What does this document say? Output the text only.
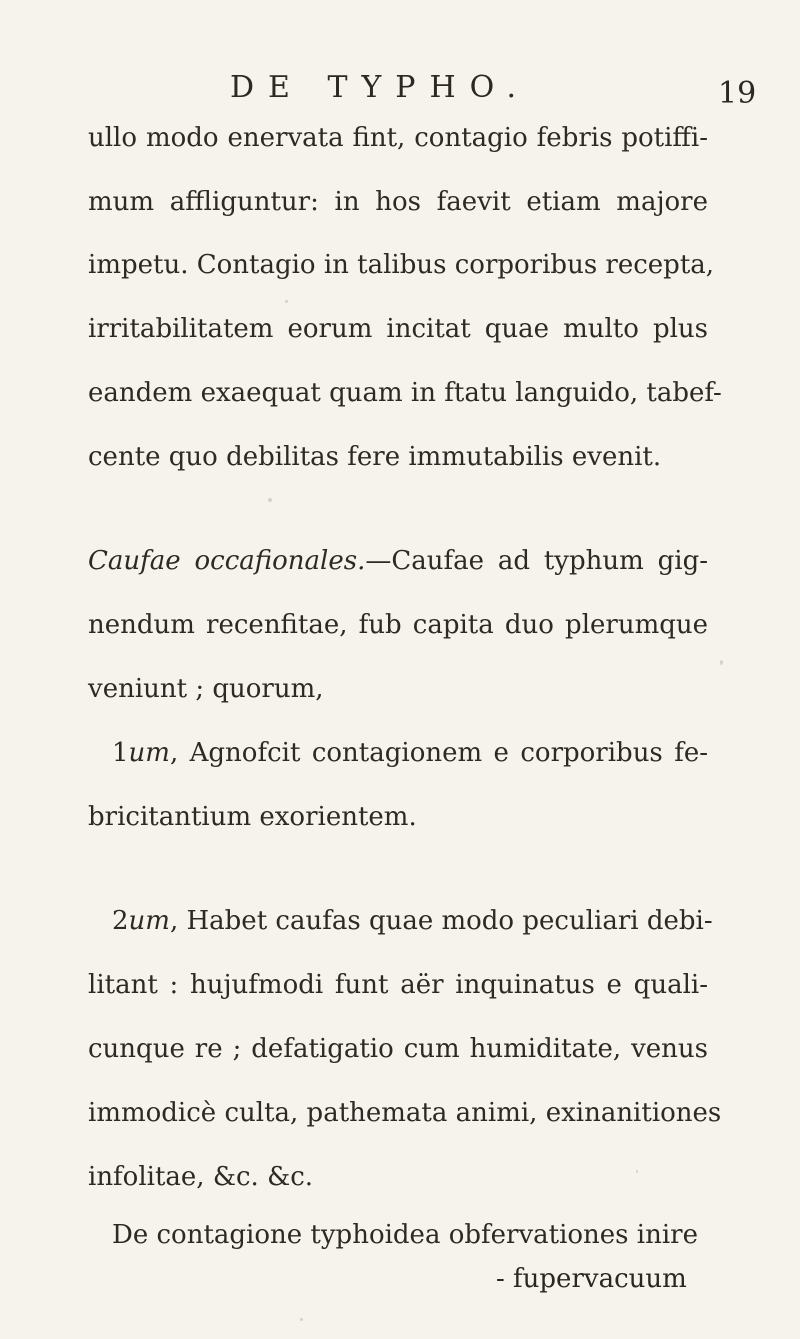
DE TYPHO.	19
ullo modo enervata fint, contagio febris potiffi-
mum affliguntur: in hos faevit etiam majore
impetu. Contagio in talibus corporibus recepta,
irritabilitatem eorum incitat quae multo plus
eandem exaequat quam in ftatu languido, tabef-
cente quo debilitas fere immutabilis evenit.
Caufae occafionales.—Caufae ad typhum gig-
nendum recenfitae, fub capita duo plerumque
veniunt ; quorum,
1um, Agnofcit contagionem e corporibus fe-
bricitantium exorientem.
2um, Habet caufas quae modo peculiari debi-
litant : hujufmodi funt aër inquinatus e quali-
cunque re ; defatigatio cum humiditate, venus
immodicè culta, pathemata animi, exinanitiones
infolitae, &c. &c.
De contagione typhoidea obfervationes inire
- fupervacuum
